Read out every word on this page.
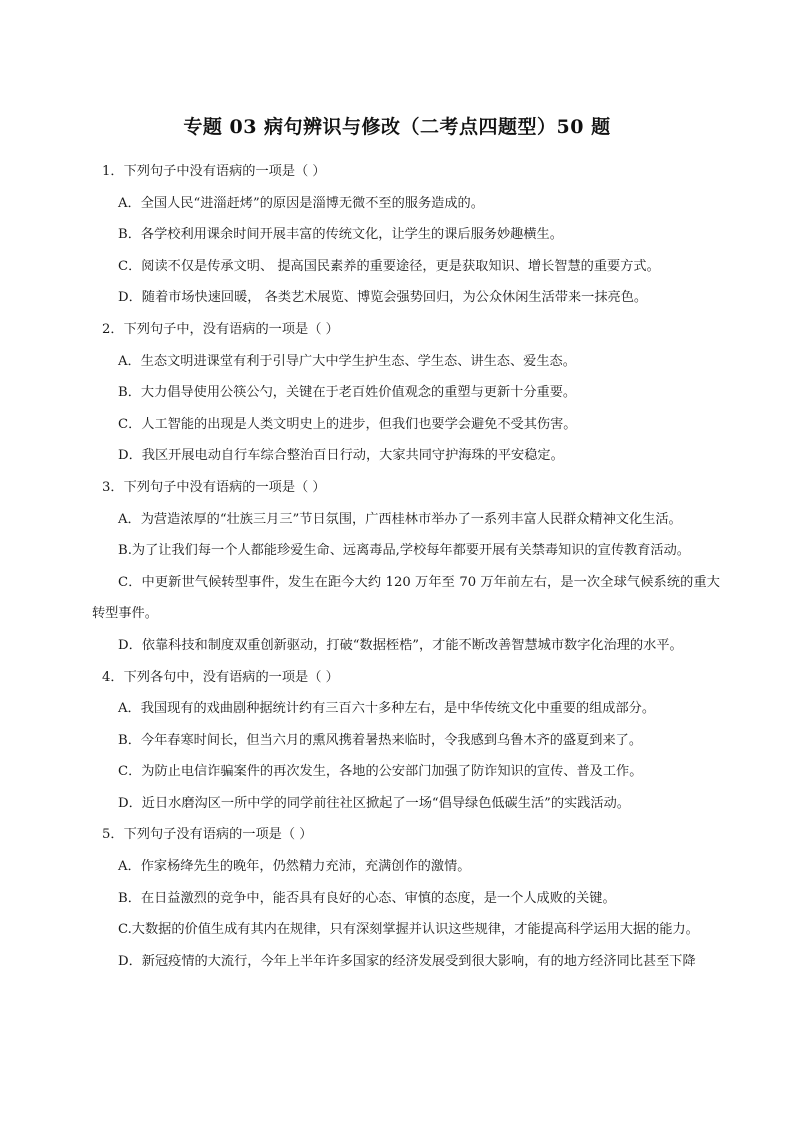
专题 03 病句辨识与修改（二考点四题型）50 题

1．下列句子中没有语病的一项是（ ）

A．全国人民“进淄赶烤”的原因是淄博无微不至的服务造成的。

B．各学校利用课余时间开展丰富的传统文化，让学生的课后服务妙趣横生。

C．阅读不仅是传承文明、 提高国民素养的重要途径，更是获取知识、增长智慧的重要方式。

D．随着市场快速回暖， 各类艺术展览、博览会强势回归，为公众休闲生活带来一抹亮色。

2．下列句子中，没有语病的一项是（ ）

A．生态文明进课堂有利于引导广大中学生护生态、学生态、讲生态、爱生态。

B．大力倡导使用公筷公勺，关键在于老百姓价值观念的重塑与更新十分重要。

C．人工智能的出现是人类文明史上的进步，但我们也要学会避免不受其伤害。

D．我区开展电动自行车综合整治百日行动，大家共同守护海珠的平安稳定。

3．下列句子中没有语病的一项是（ ）

A．为营造浓厚的“壮族三月三”节日氛围，广西桂林市举办了一系列丰富人民群众精神文化生活。

B.为了让我们每一个人都能珍爱生命、远离毒品,学校每年都要开展有关禁毒知识的宣传教育活动。

C．中更新世气候转型事件，发生在距今大约 120 万年至 70 万年前左右，是一次全球气候系统的重大转型事件。

D．依靠科技和制度双重创新驱动，打破“数据桎梏”，才能不断改善智慧城市数字化治理的水平。

4．下列各句中，没有语病的一项是（ ）

A．我国现有的戏曲剧种据统计约有三百六十多种左右，是中华传统文化中重要的组成部分。

B．今年春寒时间长，但当六月的熏风携着暑热来临时，令我感到乌鲁木齐的盛夏到来了。

C．为防止电信诈骗案件的再次发生，各地的公安部门加强了防诈知识的宣传、普及工作。

D．近日水磨沟区一所中学的同学前往社区掀起了一场“倡导绿色低碳生活”的实践活动。

5．下列句子没有语病的一项是（ ）

A．作家杨绛先生的晚年，仍然精力充沛，充满创作的激情。

B．在日益激烈的竞争中，能否具有良好的心态、审慎的态度，是一个人成败的关键。

C.大数据的价值生成有其内在规律，只有深刻掌握并认识这些规律，才能提高科学运用大据的能力。

D．新冠疫情的大流行，今年上半年许多国家的经济发展受到很大影响，有的地方经济同比甚至下降
